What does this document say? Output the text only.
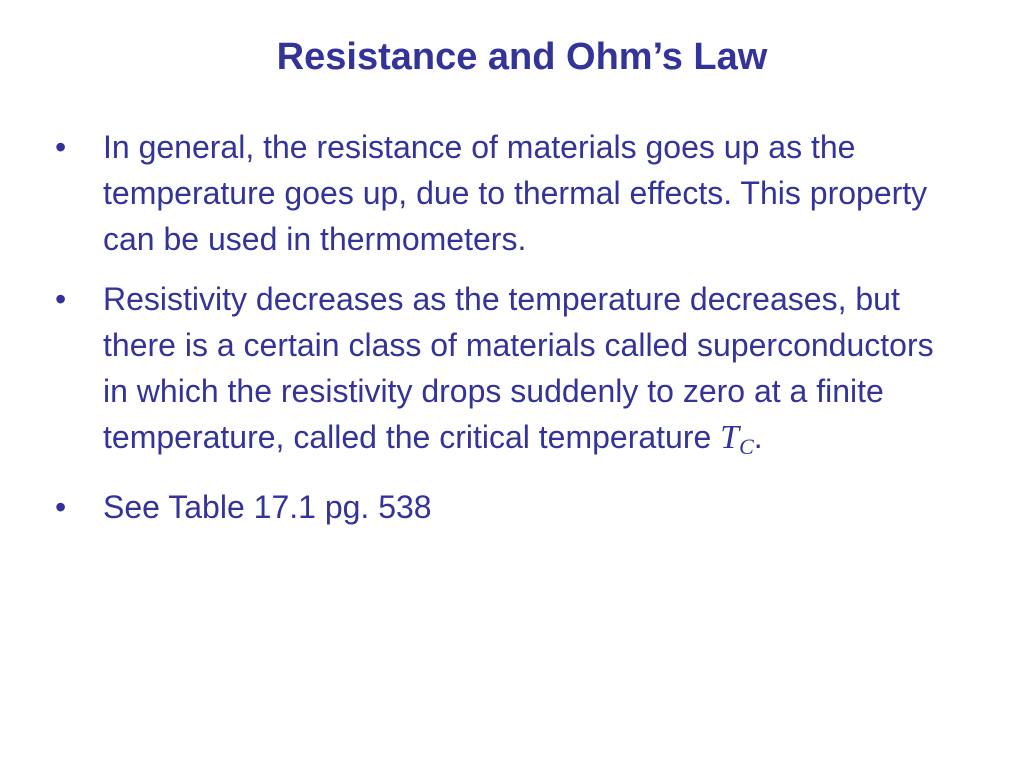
Resistance and Ohm’s Law
•	In general, the resistance of materials goes up as the temperature goes up, due to thermal effects. This property can be used in thermometers.
•	Resistivity decreases as the temperature decreases, but there is a certain class of materials called superconductors in which the resistivity drops suddenly to zero at a finite temperature, called the critical temperature TC.
•	See Table 17.1 pg. 538
